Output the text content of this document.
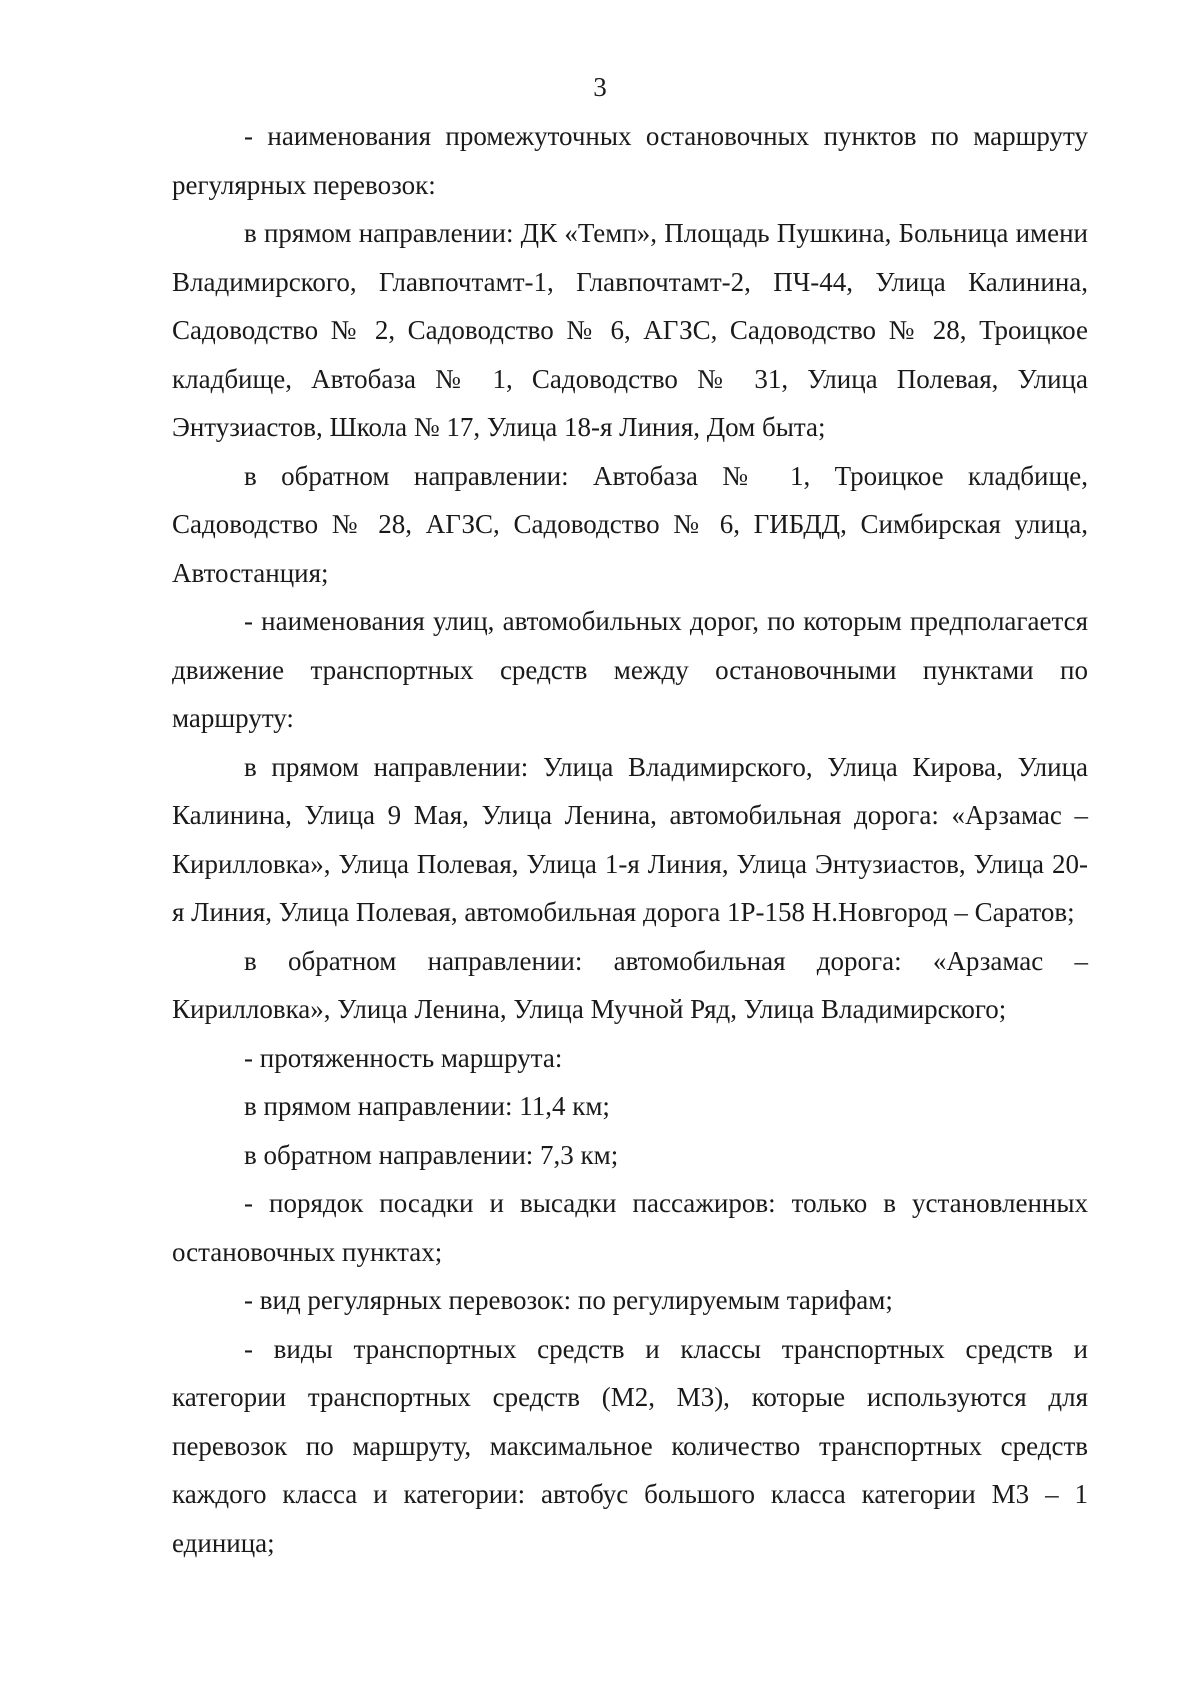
3

- наименования промежуточных остановочных пунктов по маршруту регулярных перевозок:

в прямом направлении: ДК «Темп», Площадь Пушкина, Больница имени Владимирского, Главпочтамт-1, Главпочтамт-2, ПЧ-44, Улица Калинина, Садоводство № 2, Садоводство № 6, АГЗС, Садоводство № 28, Троицкое кладбище, Автобаза № 1, Садоводство № 31, Улица Полевая, Улица Энтузиастов, Школа № 17, Улица 18-я Линия, Дом быта;

в обратном направлении: Автобаза № 1, Троицкое кладбище, Садоводство № 28, АГЗС, Садоводство № 6, ГИБДД, Симбирская улица, Автостанция;

- наименования улиц, автомобильных дорог, по которым предполагается движение транспортных средств между остановочными пунктами по маршруту:

в прямом направлении: Улица Владимирского, Улица Кирова, Улица Калинина, Улица 9 Мая, Улица Ленина, автомобильная дорога: «Арзамас – Кирилловка», Улица Полевая, Улица 1-я Линия, Улица Энтузиастов, Улица 20-я Линия, Улица Полевая, автомобильная дорога 1Р-158 Н.Новгород – Саратов;

в обратном направлении: автомобильная дорога: «Арзамас – Кирилловка», Улица Ленина, Улица Мучной Ряд, Улица Владимирского;

- протяженность маршрута:

в прямом направлении: 11,4 км;

в обратном направлении: 7,3 км;

- порядок посадки и высадки пассажиров: только в установленных остановочных пунктах;

- вид регулярных перевозок: по регулируемым тарифам;

- виды транспортных средств и классы транспортных средств и категории транспортных средств (М2, М3), которые используются для перевозок по маршруту, максимальное количество транспортных средств каждого класса и категории: автобус большого класса категории М3 – 1 единица;
